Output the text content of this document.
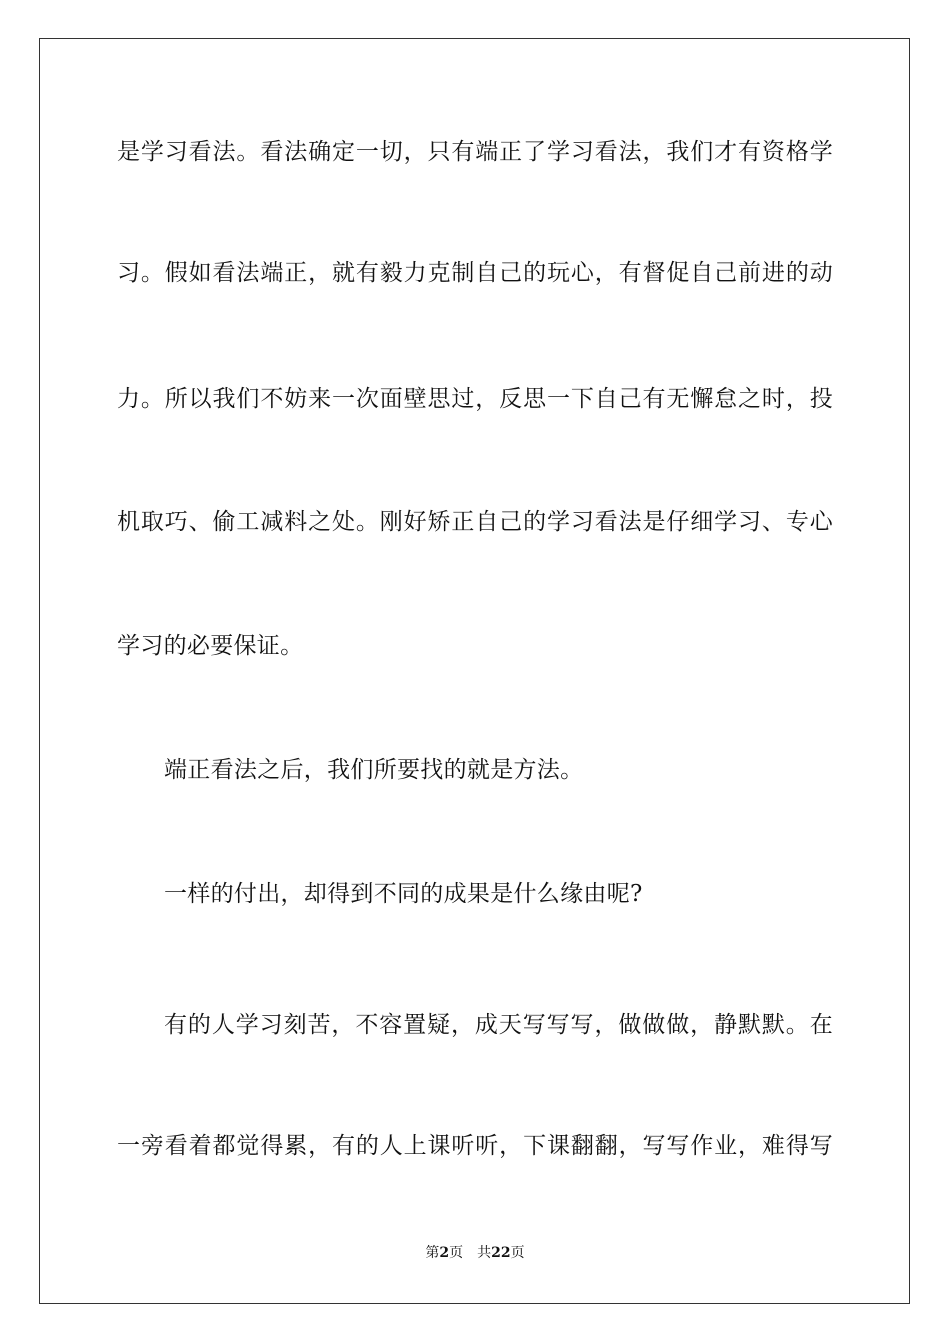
是学习看法。看法确定一切，只有端正了学习看法，我们才有资格学
习。假如看法端正，就有毅力克制自己的玩心，有督促自己前进的动
力。所以我们不妨来一次面壁思过，反思一下自己有无懈怠之时，投
机取巧、偷工减料之处。刚好矫正自己的学习看法是仔细学习、专心
学习的必要保证。
端正看法之后，我们所要找的就是方法。
一样的付出，却得到不同的成果是什么缘由呢?
有的人学习刻苦，不容置疑，成天写写写，做做做，静默默。在
一旁看着都觉得累，有的人上课听听，下课翻翻，写写作业，难得写
第2页 共22页
